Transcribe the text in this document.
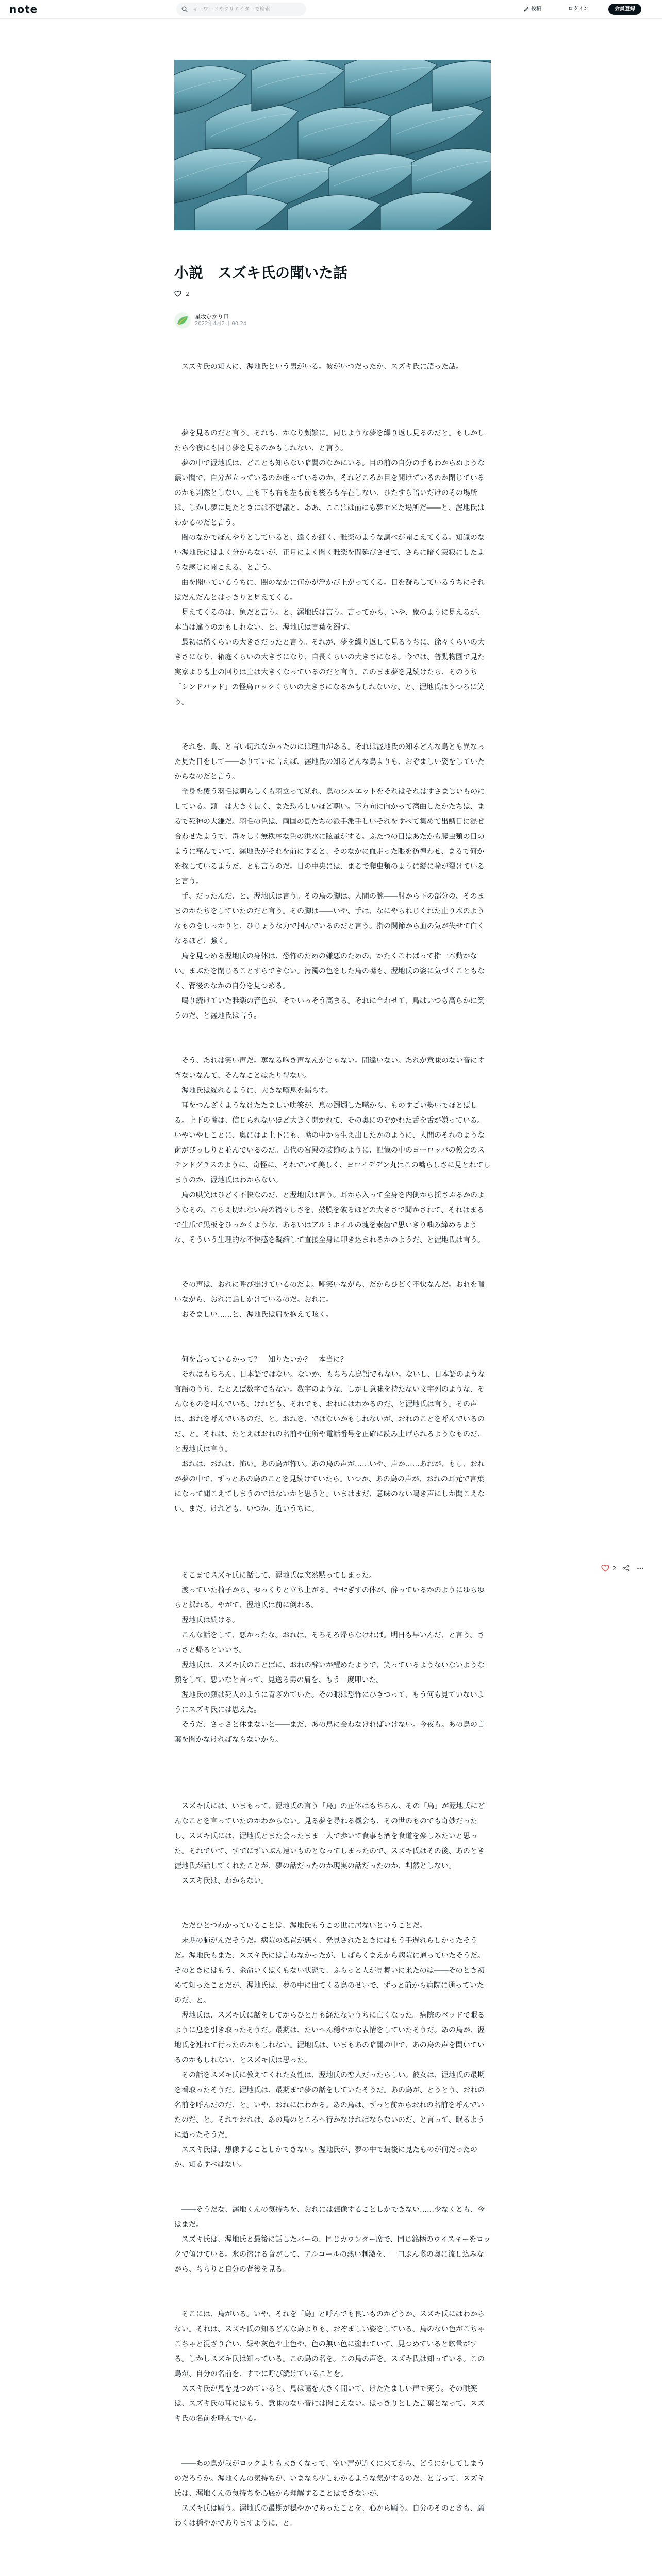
note
キーワードやクリエイターで検索	投稿	ログイン	会員登録
小説　スズキ氏の聞いた話
2
星坂ひかり口
2022年4月2日 00:24

　スズキ氏の知人に、渥地氏という男がいる。彼がいつだったか、スズキ氏に語った話。

　夢を見るのだと言う。それも、かなり頻繁に。同じような夢を繰り返し見るのだと。もしかしたら今夜にも同じ夢を見るのかもしれない、と言う。

　夢の中で渥地氏は、どことも知らない暗闇のなかにいる。目の前の自分の手もわからぬような濃い闇で、自分が立っているのか座っているのか、それどころか目を開けているのか閉じているのかも判然としない。上も下も右も左も前も後ろも存在しない、ひたすら暗いだけのその場所は、しかし夢に見たときには不思議と、ああ、ここはは前にも夢で来た場所だ――と、渥地氏はわかるのだと言う。

　闇のなかでぼんやりとしていると、遠くか細く、雅楽のような調べが聞こえてくる。知識のない渥地氏にはよく分からないが、正月によく聞く雅楽を間延びさせて、さらに暗く寂寂にしたような感じに聞こえる、と言う。

　曲を聞いているうちに、闇のなかに何かが浮かび上がってくる。目を凝らしているうちにそれはだんだんとはっきりと見えてくる。

　見えてくるのは、象だと言う。と、渥地氏は言う。言ってから、いや、象のように見えるが、本当は違うのかもしれない、と、渥地氏は言葉を濁す。

　最初は稀くらいの大きさだったと言う。それが、夢を繰り返して見るうちに、徐々くらいの大きさになり、箱庭くらいの大きさになり、自長くらいの大きさになる。今では、普動物園で見た実家よりも上の回りは上は大きくなっているのだと言う。このまま夢を見続けたら、そのうち「シンドバッド」の怪鳥ロックくらいの大きさになるかもしれないな、と、渥地氏はうつろに笑う。

　それを、鳥、と言い切れなかったのには理由がある。それは渥地氏の知るどんな鳥とも異なった見た目をして――ありていに言えば、渥地氏の知るどんな鳥よりも、おぞましい姿をしていたからなのだと言う。

　全身を覆う羽毛は朝らしくも羽立って縒れ、鳥のシルエットをそれはそれはすさまじいものにしている。頭　は大きく長く、また恐ろしいほど朝い。下方向に向かって湾曲したかたちは、まるで死神の大鎌だ。羽毛の色は、両国の島たちの派手派手しいそれをすべて集めて出鱈目に混ぜ合わせたようで、毒々しく無秩序な色の洪水に眩暈がする。ふたつの目はあたかも爬虫類の目のように窪んでいて、渥地氏がそれを前にすると、そのなかに血走った眼を彷徨わせ、まるで何かを探しているようだ、とも言うのだ。目の中央には、まるで爬虫類のように縦に瞳が裂けていると言う。

　手、だったんだ、と、渥地氏は言う。その鳥の脚は、人間の腕――肘から下の部分の、そのままのかたちをしていたのだと言う。その脚は――いや、手は、なにやらねじくれた止り木のようなものをしっかりと、ひじょうな力で掴んでいるのだと言う。指の関節から血の気が失せて白くなるほど、強く。

　鳥を見つめる渥地氏の身体は、恐怖のための嫌悪のための、かたくこわばって指一本動かない。まぶたを閉じることすらできない。汚濁の色をした鳥の嘴も、渥地氏の姿に気づくこともなく、背後のなかの自分を見つめる。

　鳴り続けていた雅楽の音色が、そでいっそう高まる。それに合わせて、鳥はいつも高らかに笑うのだ、と渥地氏は言う。

　そう、あれは笑い声だ。奪なる咆き声なんかじゃない。間違いない。あれが意味のない音にすぎないなんて、そんなことはあり得ない。

　渥地氏は繰れるように、大きな嘆息を漏らす。

　耳をつんざくようなけたたましい哄笑が、鳥の濁燭した嘴から、ものすごい勢いでほとばしる。上下の嘴は、信じられないほど大きく開かれて、その奥にのぞかれた舌を舌が嫌っている。いやいやしことに、奥にはよ上下にも、嘴の中から生え出したかのように、人間のそれのような歯がびっしりと並んでいるのだ。古代の宮殿の装飾のように、記憶の中のヨーロッパの教会のステンドグラスのように、奇怪に、それでいて美しく、ヨロイデデン丸はこの嘴らしさに見とれてしまうのか、渥地氏はわからない。

　鳥の哄笑はひどく不快なのだ、と渥地氏は言う。耳から入って全身を内側から揺さぶるかのようなその、こらえ切れない鳥の禍々しさを、鼓膜を破るほどの大きさで聞かされて、それはまるで生爪で黒板をひっかくような、あるいはアルミホイルの塊を素歯で思いきり噛み締めるような、そういう生理的な不快感を凝縮して直接全身に叩き込まれるかのようだ、と渥地氏は言う。

　その声は、おれに呼び掛けているのだよ。嘲笑いながら、だからひどく不快なんだ。おれを嗤いながら、おれに話しかけているのだ。おれに。

　おそましい……と、渥地氏は肩を抱えて呟く。

　何を言っているかって？　知りたいか？　本当に？

　それはもちろん、日本語ではない。ないか、もちろん鳥語でもない。ないし、日本語のような言語のうち、たとえば数字でもない。数字のような、しかし意味を持たない文字列のような、そんなものを叫んでいる。けれども、それでも、おれにはわかるのだ、と渥地氏は言う。その声は、おれを呼んでいるのだ、と。おれを、ではないかもしれないが、おれのことを呼んでいるのだ、と。それは、たとえばおれの名前や住所や電話番号を正確に読み上げられるようなものだ、と渥地氏は言う。

　おれは、おれは、怖い。あの鳥が怖い。あの鳥の声が……いや、声か……あれが、もし、おれが夢の中で、ずっとあの鳥のことを見続けていたら。いつか、あの鳥の声が、おれの耳元で言葉になって聞こえてしまうのではないかと思うと。いまはまだ、意味のない鳴き声にしか聞こえない。まだ。けれども、いつか、近いうちに。

　そこまでスズキ氏に話して、渥地氏は突然黙ってしまった。

　渡っていた椅子から、ゆっくりと立ち上がる。やせぎすの体が、酔っているかのようにゆらゆらと揺れる。やがて、渥地氏は前に倒れる。

　渥地氏は続ける。

　こんな話をして、悪かったな。おれは、そろそろ帰らなければ。明日も早いんだ、と言う。さっさと帰るといいさ。

　渥地氏は、スズキ氏のことばに、おれの酔いが醒めたようで、笑っているようないないような顔をして、悪いなと言って、見送る男の肩を、もう一度叩いた。

　渥地氏の顔は死人のように青ざめていた。その眼は恐怖にひきつって、もう何も見ていないようにスズキ氏には思えた。

　そうだ、さっさと休まないと――まだ、あの鳥に会わなければいけない。今夜も。あの鳥の言葉を聞かなければならないから。

　スズキ氏には、いまもって、渥地氏の言う「鳥」の正体はもちろん、その「鳥」が渥地氏にどんなことを言っていたのかわからない。見る夢を尋ねる機会も、その世のものでも奇妙だったし、スズキ氏には、渥地氏とまた会ったまま一人で歩いて食事も酒を食道を楽しみたいと思った。それでいて、すでにずいぶん遠いものとなってしまったので、スズキ氏はその後、あのとき渥地氏が話してくれたことが、夢の話だったのか現実の話だったのか、判然としない。

　スズキ氏は、わからない。

　ただひとつわかっていることは、渥地氏もうこの世に居ないということだ。

　末期の肺がんだそうだ。病院の処置が悪く、発見されたときにはもう手遅れらしかったそうだ。渥地氏もまた、スズキ氏には言わなかったが、しばらくまえから病院に通っていたそうだ。そのときにはもう、余命いくばくもない状態で、ふらっと人が見舞いに来たのは――そのとき初めて知ったことだが、渥地氏は、夢の中に出てくる鳥のせいで、ずっと前から病院に通っていたのだ、と。

　渥地氏は、スズキ氏に話をしてからひと月も経たないうちに亡くなった。病院のベッドで眠るように息を引き取ったそうだ。最期は、たいへん穏やかな表情をしていたそうだ。あの鳥が、渥地氏を連れて行ったのかもしれない。渥地氏は、いまもあの暗闇の中で、あの鳥の声を聞いているのかもしれない、とスズキ氏は思った。

　その話をスズキ氏に教えてくれた女性は、渥地氏の恋人だったらしい。彼女は、渥地氏の最期を看取ったそうだ。渥地氏は、最期まで夢の話をしていたそうだ。あの鳥が、とうとう、おれの名前を呼んだのだ、と。いや、おれにはわかる。あの鳥は、ずっと前からおれの名前を呼んでいたのだ、と。それでおれは、あの鳥のところへ行かなければならないのだ、と言って、眠るように逝ったそうだ。

　スズキ氏は、想像することしかできない。渥地氏が、夢の中で最後に見たものが何だったのか、知るすべはない。

　――そうだな、渥地くんの気持ちを、おれには想像することしかできない……少なくとも、今はまだ。

　スズキ氏は、渥地氏と最後に話したバーの、同じカウンター席で、同じ銘柄のウイスキーをロックで傾けている。氷の溶ける音がして、アルコールの熱い刺激を、一口ぶん喉の奥に流し込みながら、ちらりと自分の背後を見る。

　そこには、鳥がいる。いや、それを「鳥」と呼んでも良いものかどうか、スズキ氏にはわからない。それは、スズキ氏の知るどんな鳥よりも、おぞましい姿をしている。鳥のない色がごちゃごちゃと混ざり合い、緑や灰色や土色や、色の無い色に塗れていて、見つめていると眩暈がする。しかしスズキ氏は知っている。この鳥の名を。この鳥の声を。スズキ氏は知っている。この鳥が、自分の名前を、すでに呼び続けていることを。

　スズキ氏が鳥を見つめていると、鳥は嘴を大きく開いて、けたたましい声で笑う。その哄笑は、スズキ氏の耳にはもう、意味のない音には聞こえない。はっきりとした言葉となって、スズキ氏の名前を呼んでいる。

　――あの鳥が我がロックよりも大きくなって、空い声が近くに来てから、どうにかしてしまうのだろうか。渥地くんの気持ちが、いまなら少しわかるような気がするのだ、と言って、スズキ氏は、渥地くんの気持ちを心底から理解することはできないが、

　スズキ氏は願う。渥地氏の最期が穏やかであったことを、心から願う。自分のそのときも、願わくは穏やかでありますように、と。

2
